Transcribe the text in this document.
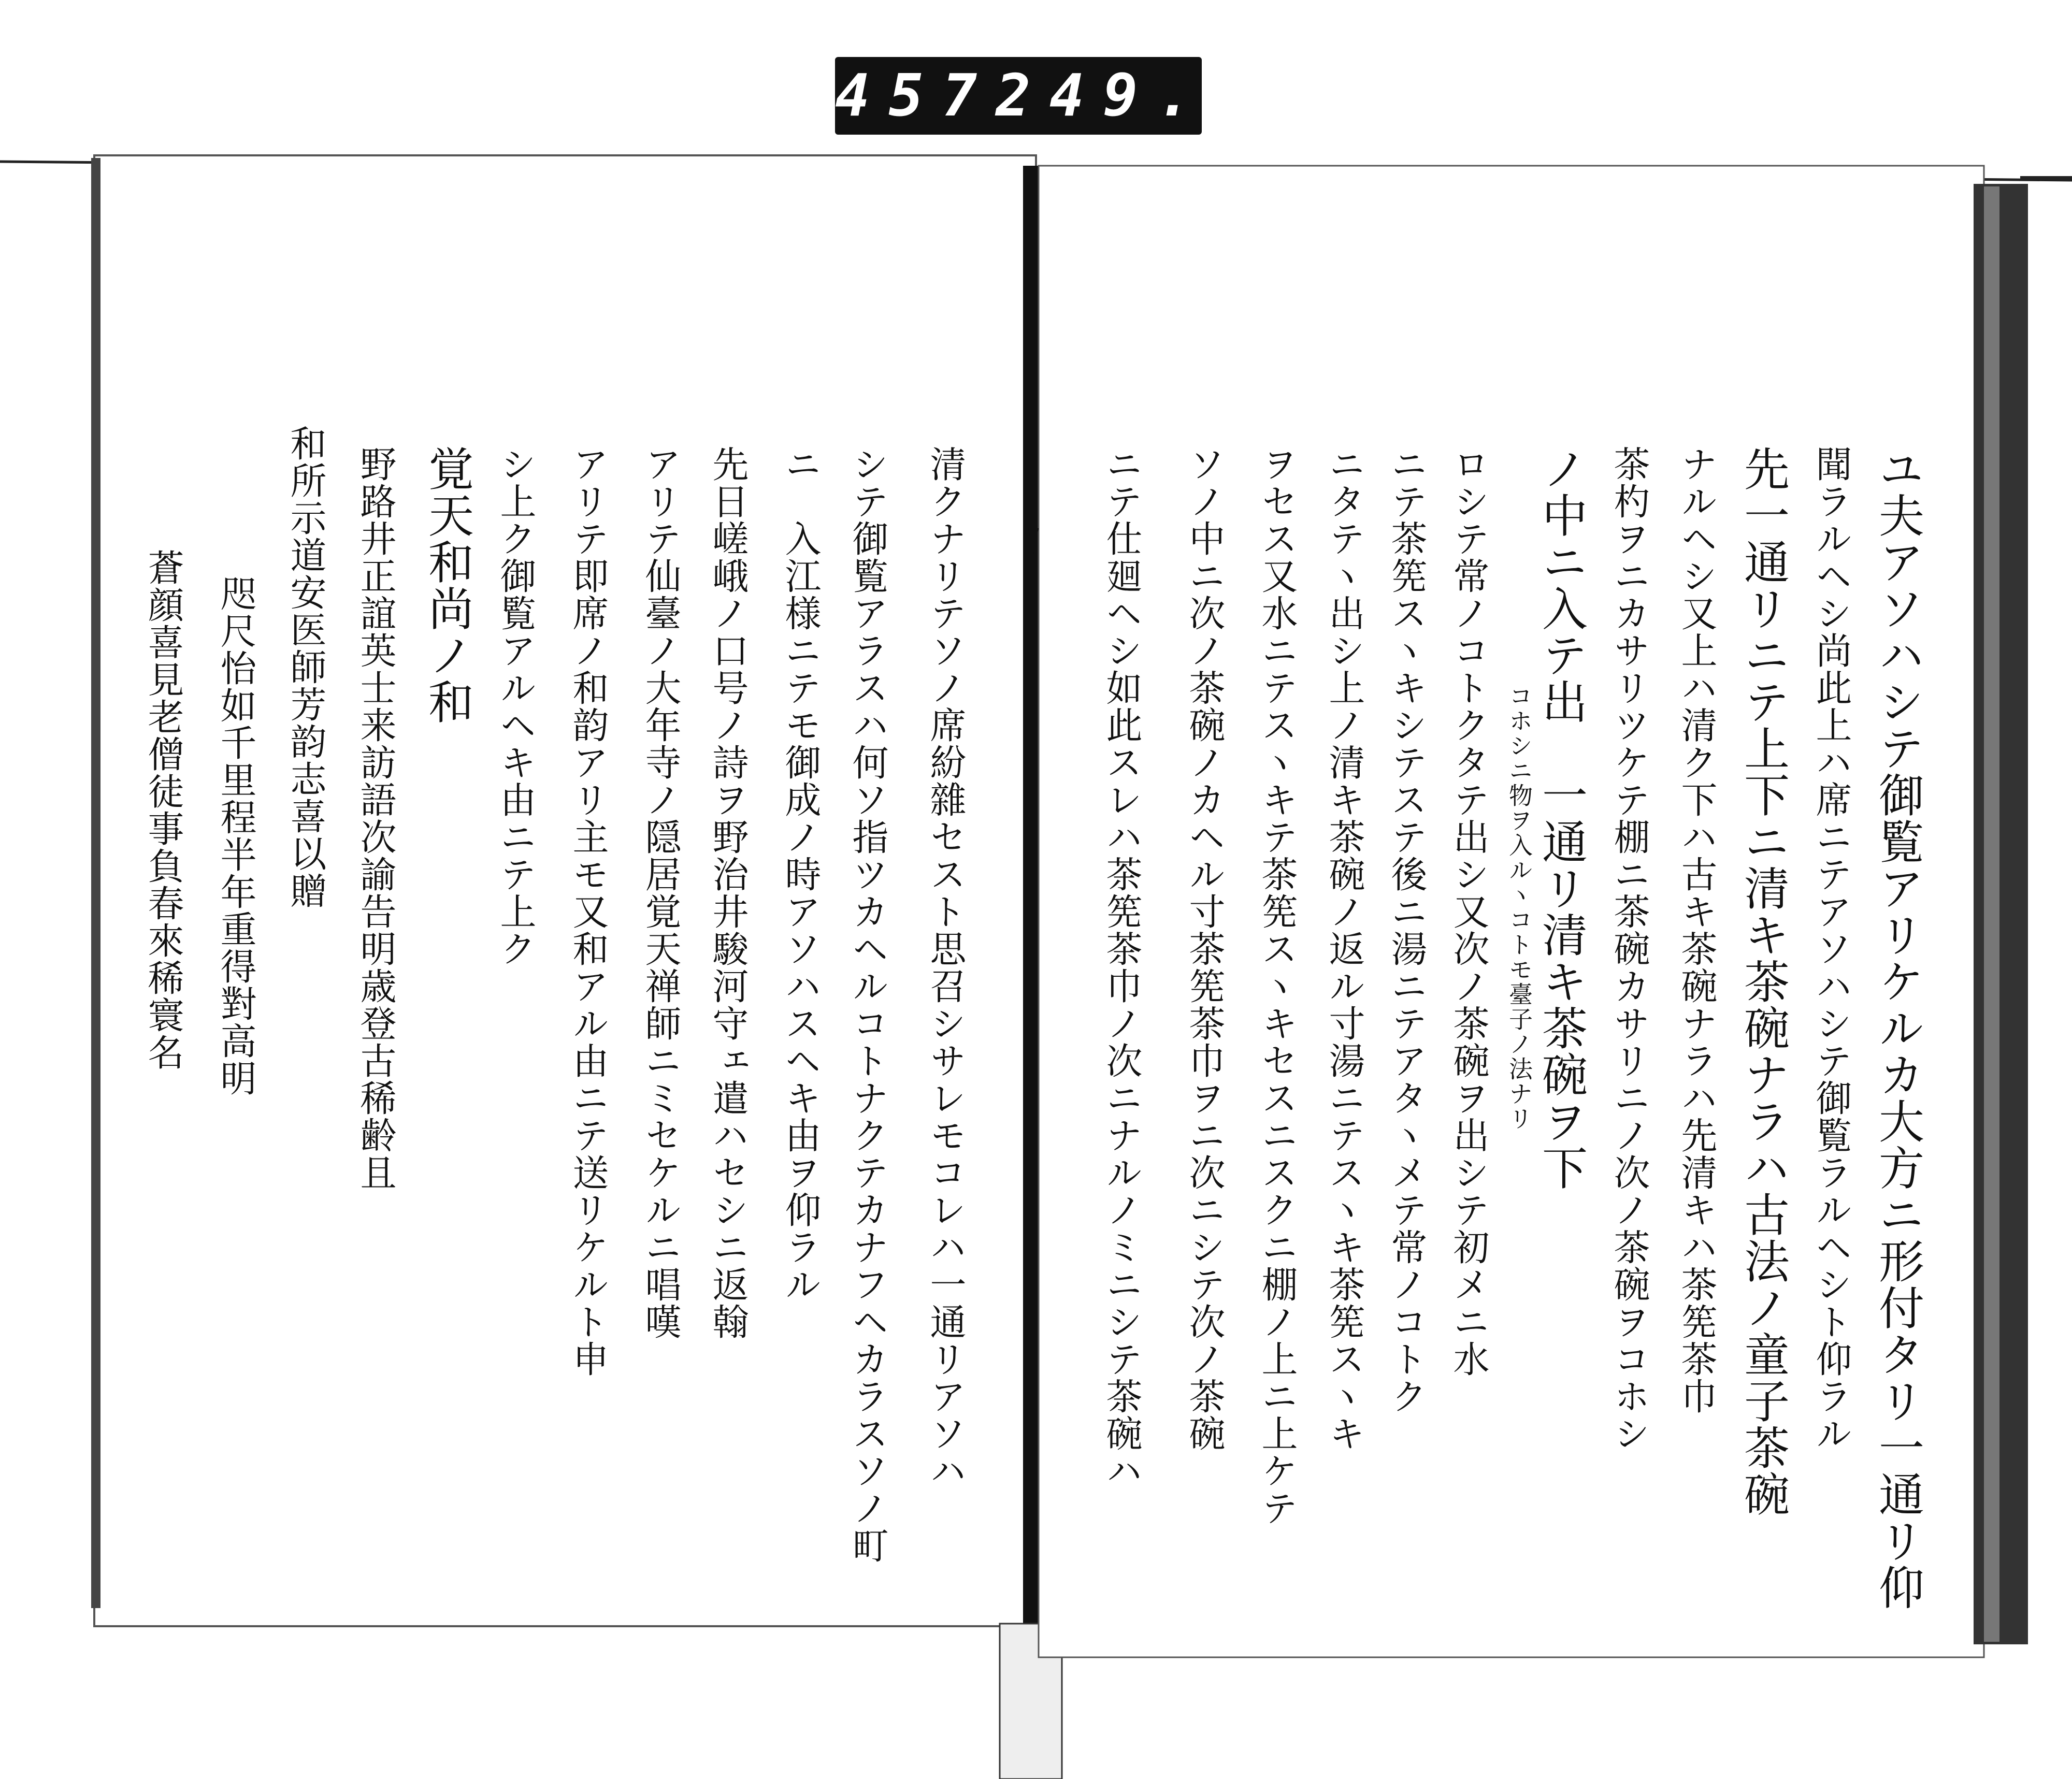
457 249.
ユ夫アソハシテ御覧アリケルカ大方ニ形付タリ一通リ仰
聞ラルヘシ尚此上ハ席ニテアソハシテ御覧ラルヘシト仰ラル
先一通リニテ上下ニ清キ茶碗ナラハ古法ノ童子茶碗
ナルヘシ又上ハ清ク下ハ古キ茶碗ナラハ先清キハ茶筅茶巾
茶杓ヲニカサリツケテ棚ニ茶碗カサリニノ次ノ茶碗ヲコホシ
ノ中ニ入テ出　一通リ清キ茶碗ヲ下
コホシニ物ヲ入ルヽコトモ臺子ノ法ナリ
ロシテ常ノコトクタテ出シ又次ノ茶碗ヲ出シテ初メニ水
ニテ茶筅スヽキシテステ後ニ湯ニテアタヽメテ常ノコトク
ニタテヽ出シ上ノ清キ茶碗ノ返ル寸湯ニテスヽキ茶筅スヽキ
ヲセス又水ニテスヽキテ茶筅スヽキセスニスクニ棚ノ上ニ上ケテ
ソノ中ニ次ノ茶碗ノカヘル寸茶筅茶巾ヲニ次ニシテ次ノ茶碗
ニテ仕廻ヘシ如此スレハ茶筅茶巾ノ次ニナルノミニシテ茶碗ハ
清クナリテソノ席紛雜セスト思召シサレモコレハ一通リアソハ
シテ御覧アラスハ何ソ指ツカヘルコトナクテカナフヘカラスソノ町
ニ　入江様ニテモ御成ノ時アソハスヘキ由ヲ仰ラル
先日嵯峨ノ口号ノ詩ヲ野治井駿河守ェ遣ハセシニ返翰
アリテ仙臺ノ大年寺ノ隠居覚天禅師ニミセケルニ唱嘆
アリテ即席ノ和韵アリ主モ又和アル由ニテ送リケルト申
シ上ク御覧アルヘキ由ニテ上ク
覚天和尚ノ和
野路井正誼英士来訪語次諭告明歳登古稀齢且
和所示道安医師芳韵志喜以贈
咫尺怡如千里程半年重得對高明
蒼顔喜見老僧徒事負春來稀寰名
